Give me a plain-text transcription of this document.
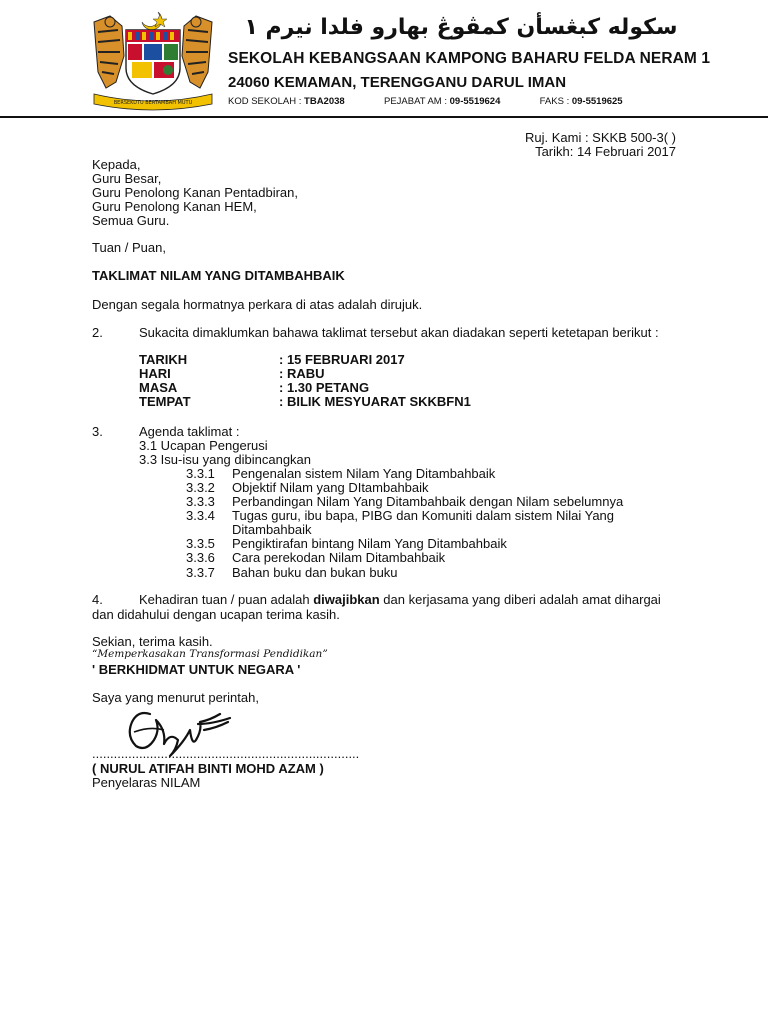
BERSEKUTU BERTAMBAH MUTU
سکوله کبڠسأن کمڤوڠ بهارو فلدا نيرم ١
SEKOLAH KEBANGSAAN KAMPONG BAHARU FELDA NERAM 1
24060 KEMAMAN, TERENGGANU DARUL IMAN
KOD SEKOLAH : TBA2038	PEJABAT AM : 09-5519624	FAKS : 09-5519625
Ruj. Kami : SKKB 500-3( )
Tarikh: 14 Februari 2017
Kepada,
Guru Besar,
Guru Penolong Kanan Pentadbiran,
Guru Penolong Kanan HEM,
Semua Guru.
Tuan / Puan,
TAKLIMAT NILAM YANG DITAMBAHBAIK
Dengan segala hormatnya perkara di atas adalah dirujuk.
2.	Sukacita dimaklumkan bahawa taklimat tersebut akan diadakan seperti ketetapan berikut :
TARIKH	: 15 FEBRUARI 2017
HARI	: RABU
MASA	: 1.30 PETANG
TEMPAT	: BILIK MESYUARAT SKKBFN1
3.	Agenda taklimat :
3.1 Ucapan Pengerusi
3.3 Isu-isu yang dibincangkan
3.3.1 Pengenalan sistem Nilam Yang Ditambahbaik
3.3.2 Objektif Nilam yang DItambahbaik
3.3.3 Perbandingan Nilam Yang Ditambahbaik dengan Nilam sebelumnya
3.3.4 Tugas guru, ibu bapa, PIBG dan Komuniti dalam sistem Nilai Yang
Ditambahbaik
3.3.5 Pengiktirafan bintang Nilam Yang Ditambahbaik
3.3.6 Cara perekodan Nilam Ditambahbaik
3.3.7 Bahan buku dan bukan buku
4.	Kehadiran tuan / puan adalah diwajibkan dan kerjasama yang diberi adalah amat dihargai
dan didahului dengan ucapan terima kasih.
Sekian, terima kasih.
“Memperkasakan Transformasi Pendidikan”
' BERKHIDMAT UNTUK NEGARA '
Saya yang menurut perintah,
..........................................................................
( NURUL ATIFAH BINTI MOHD AZAM )
Penyelaras NILAM
